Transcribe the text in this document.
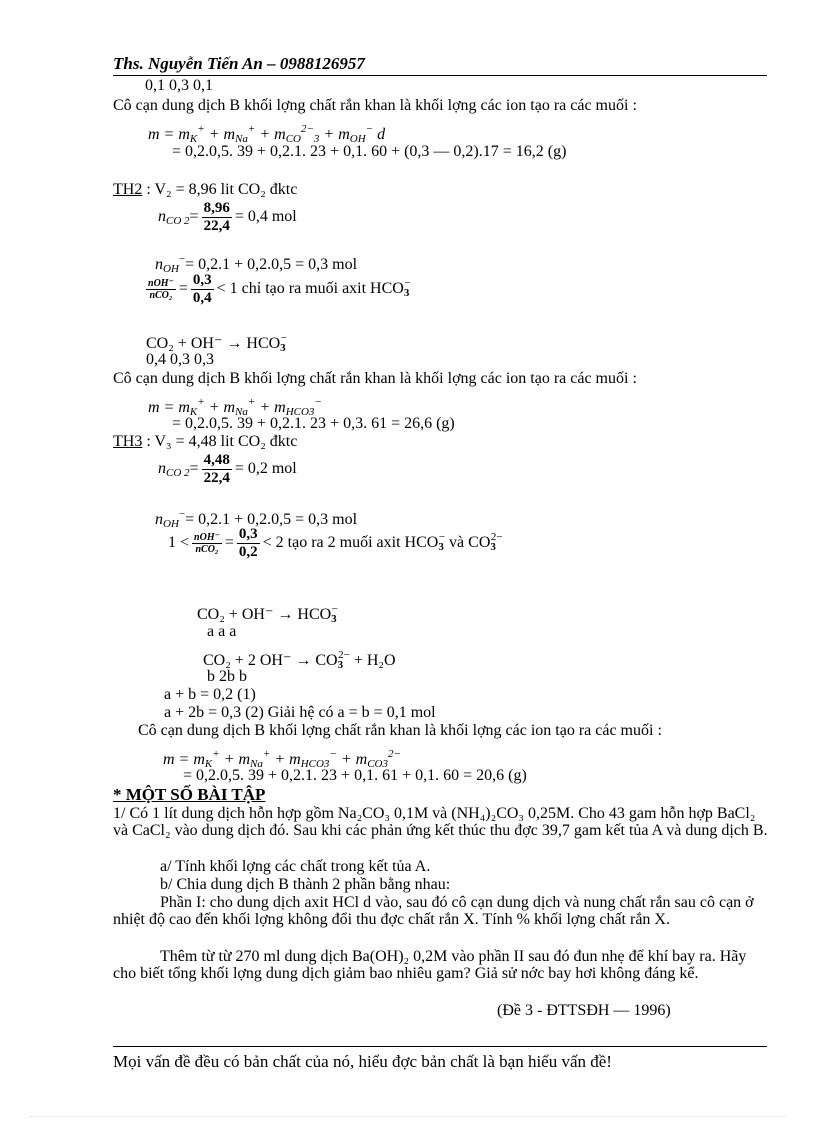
Ths. Nguyễn Tiến An – 0988126957
0,1 0,3 0,1
Cô cạn dung dịch B khối lợng chất rắn khan là khối lợng các ion tạo ra các muối :
$m = m_K^+ + m_{Na}^+ + m_{CO}^{2-}_3 + m_{OH}^-$ d
= 0,2.0,5. 39 + 0,2.1. 23 + 0,1. 60 + (0,3 — 0,2).17 = 16,2 (g)
TH2 : V₂ = 8,96 lit CO₂ đktc
$n_{CO 2}= \frac{8,96}{22,4} = 0,4$ mol
$n_{OH}^-= 0,2.1 + 0,2.0,5 = 0,3$ mol
$\frac{\text{nOH⁻}}{\text{nCO₂}} = \frac{0,3}{0,4} < 1$ chỉ tạo ra muối axit $HCO_3^-$
$CO_2 + OH^- \to HCO_3^-$
0,4 0,3 0,3
Cô cạn dung dịch B khối lợng chất rắn khan là khối lợng các ion tạo ra các muối :
$m = m_K^+ + m_{Na}^+ + m_{HCO3}^-$
= 0,2.0,5. 39 + 0,2.1. 23 + 0,3. 61 = 26,6 (g)
TH3 : V₃ = 4,48 lit CO₂ đktc
$n_{CO 2}= \frac{4,48}{22,4} = 0,2$ mol
$n_{OH}^-= 0,2.1 + 0,2.0,5 = 0,3$ mol
$1 < \frac{\text{nOH⁻}}{\text{nCO₂}} = \frac{0,3}{0,2} < 2$ tạo ra 2 muối axit $HCO_3^-$ và $CO_3^{2-}$
$CO_2 + OH^- \to HCO_3^-$
a a a
CO₂ + 2 $OH^- \to CO_3^{2-} + H_2O$
b 2b b
a + b = 0,2 (1)
a + 2b = 0,3 (2) Giải hệ có a = b = 0,1 mol
Cô cạn dung dịch B khối lợng chất rắn khan là khối lợng các ion tạo ra các muối :
$m = m_K^+ + m_{Na}^+ + m_{HCO3}^- + m_{CO3}^{2-}$
= 0,2.0,5. 39 + 0,2.1. 23 + 0,1. 61 + 0,1. 60 = 20,6 (g)
* MỘT SỐ BÀI TẬP
1/ Có 1 lít dung dịch hỗn hợp gồm Na₂CO₃ 0,1M và (NH₄)₂CO₃ 0,25M. Cho 43 gam hỗn hợp BaCl₂ và CaCl₂ vào dung dịch đó. Sau khi các phản ứng kết thúc thu đợc 39,7 gam kết tủa A và dung dịch B.
a/ Tính khối lợng các chất trong kết tủa A.
b/ Chia dung dịch B thành 2 phần bằng nhau:
Phần I: cho dung dịch axit HCl d vào, sau đó cô cạn dung dịch và nung chất rắn sau cô cạn ở nhiệt độ cao đến khối lợng không đổi thu đợc chất rắn X. Tính % khối lợng chất rắn X.
Thêm từ từ 270 ml dung dịch Ba(OH)₂ 0,2M vào phần II sau đó đun nhẹ để khí bay ra. Hãy cho biết tổng khối lợng dung dịch giảm bao nhiêu gam? Giả sử nớc bay hơi không đáng kể.
(Đề 3 - ĐTTSĐH — 1996)
Mọi vấn đề đều có bản chất của nó, hiểu đợc bản chất là bạn hiểu vấn đề!
